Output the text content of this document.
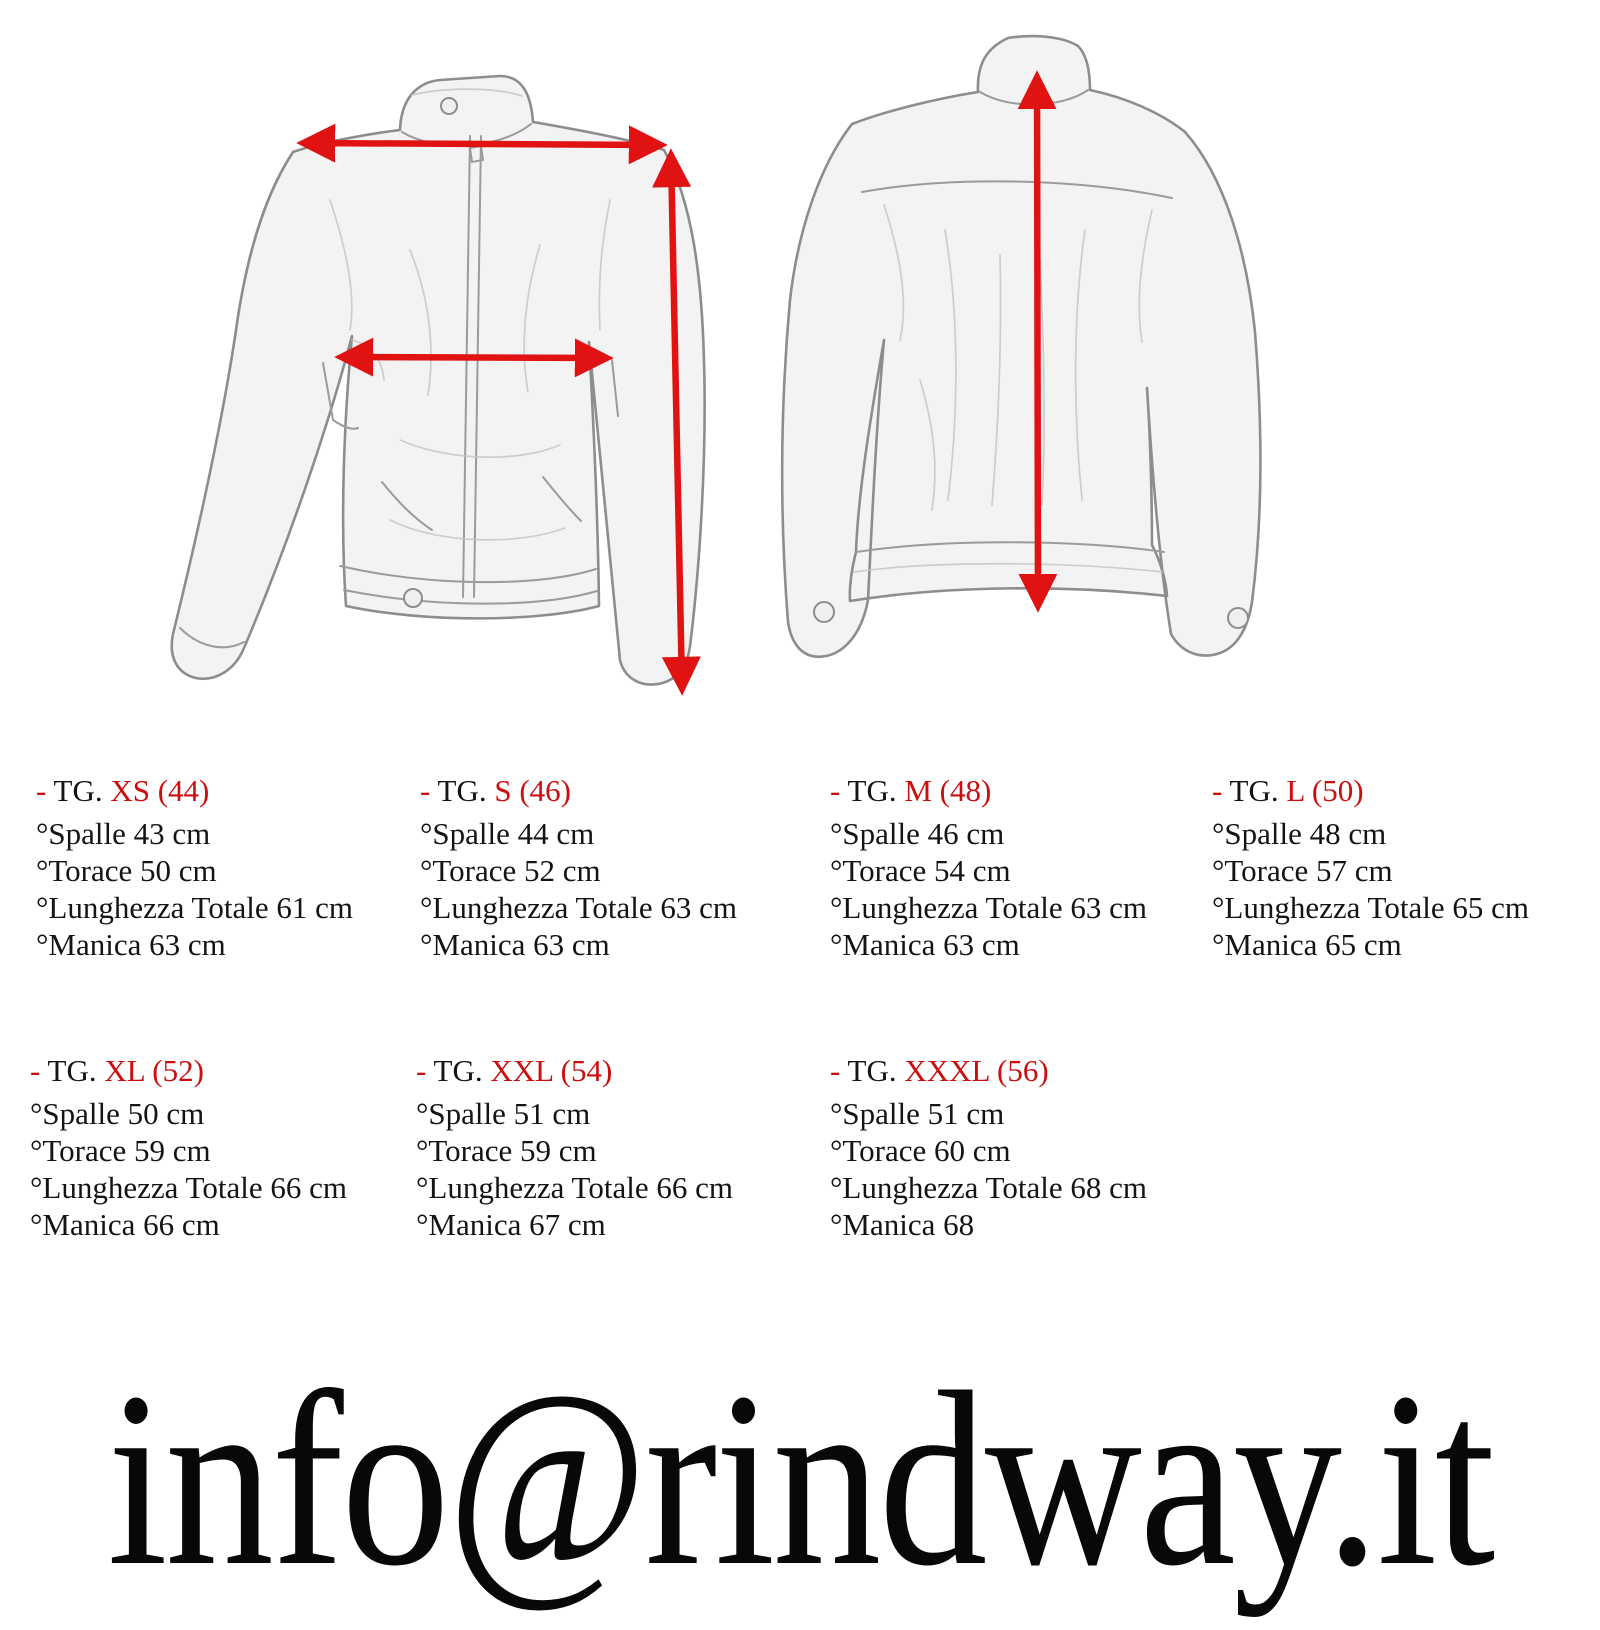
- TG. XS (44)
°Spalle 43 cm
°Torace 50 cm
°Lunghezza Totale 61 cm
°Manica 63 cm
- TG. S (46)
°Spalle 44 cm
°Torace 52 cm
°Lunghezza Totale 63 cm
°Manica 63 cm
- TG. M (48)
°Spalle 46 cm
°Torace 54 cm
°Lunghezza Totale 63 cm
°Manica 63 cm
- TG. L (50)
°Spalle 48 cm
°Torace 57 cm
°Lunghezza Totale 65 cm
°Manica 65 cm
- TG. XL (52)
°Spalle 50 cm
°Torace 59 cm
°Lunghezza Totale 66 cm
°Manica 66 cm
- TG. XXL (54)
°Spalle 51 cm
°Torace 59 cm
°Lunghezza Totale 66 cm
°Manica 67 cm
- TG. XXXL (56)
°Spalle 51 cm
°Torace 60 cm
°Lunghezza Totale 68 cm
°Manica 68
info@rindway.it
